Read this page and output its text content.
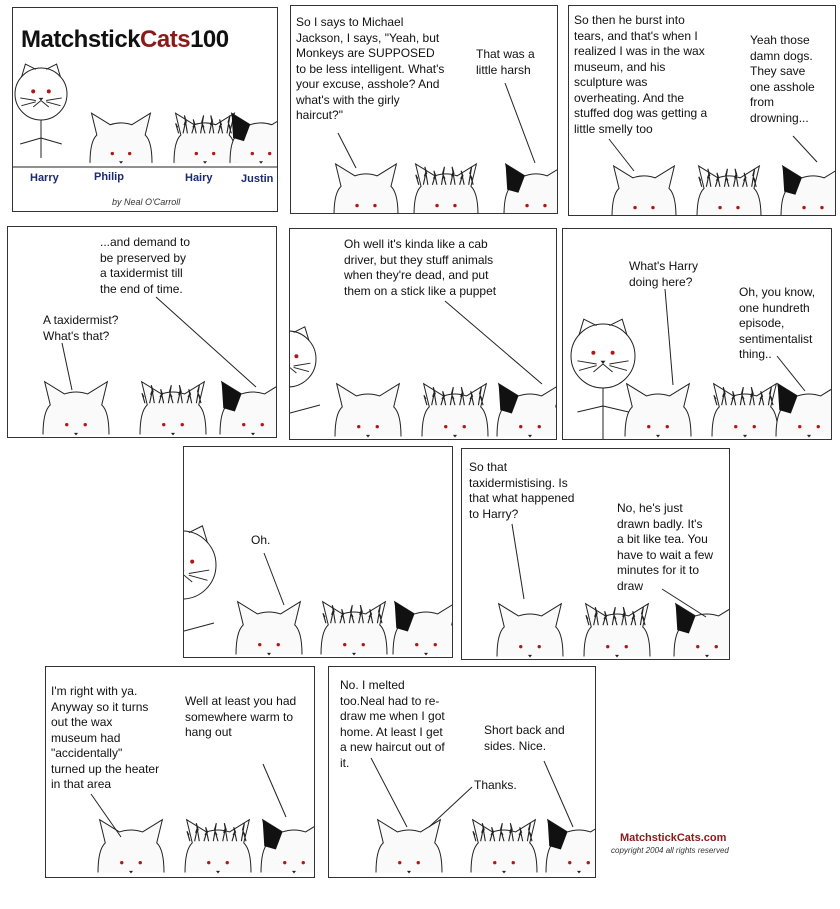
MatchstickCats100
Harry	Philip	Hairy	Justin
by Neal O'Carroll

So I says to Michael
Jackson, I says, "Yeah, but
Monkeys are SUPPOSED
to be less intelligent. What's
your excuse, asshole? And
what's with the girly
haircut?"

That was a
little harsh

So then he burst into
tears, and that's when I
realized I was in the wax
museum, and his
sculpture was
overheating. And the
stuffed dog was getting a
little smelly too

Yeah those
damn dogs.
They save
one asshole
from
drowning...

...and demand to
be preserved by
a taxidermist till
the end of time.

A taxidermist?
What's that?

Oh well it's kinda like a cab
driver, but they stuff animals
when they're dead, and put
them on a stick like a puppet

What's Harry
doing here?

Oh, you know,
one hundreth
episode,
sentimentalist
thing..

Oh.

So that
taxidermistising. Is
that what happened
to Harry?	No, he's just
drawn badly. It's
a bit like tea. You
have to wait a few
minutes for it to
draw

I'm right with ya.
Anyway so it turns
out the wax
museum had
"accidentally"
turned up the heater
in that area

Well at least you had
somewhere warm to
hang out

No. I melted
too.Neal had to re-
draw me when I got
home. At least I get
a new haircut out of
it.

Short back and
sides. Nice.

Thanks.

MatchstickCats.com
copyright 2004 all rights reserved
